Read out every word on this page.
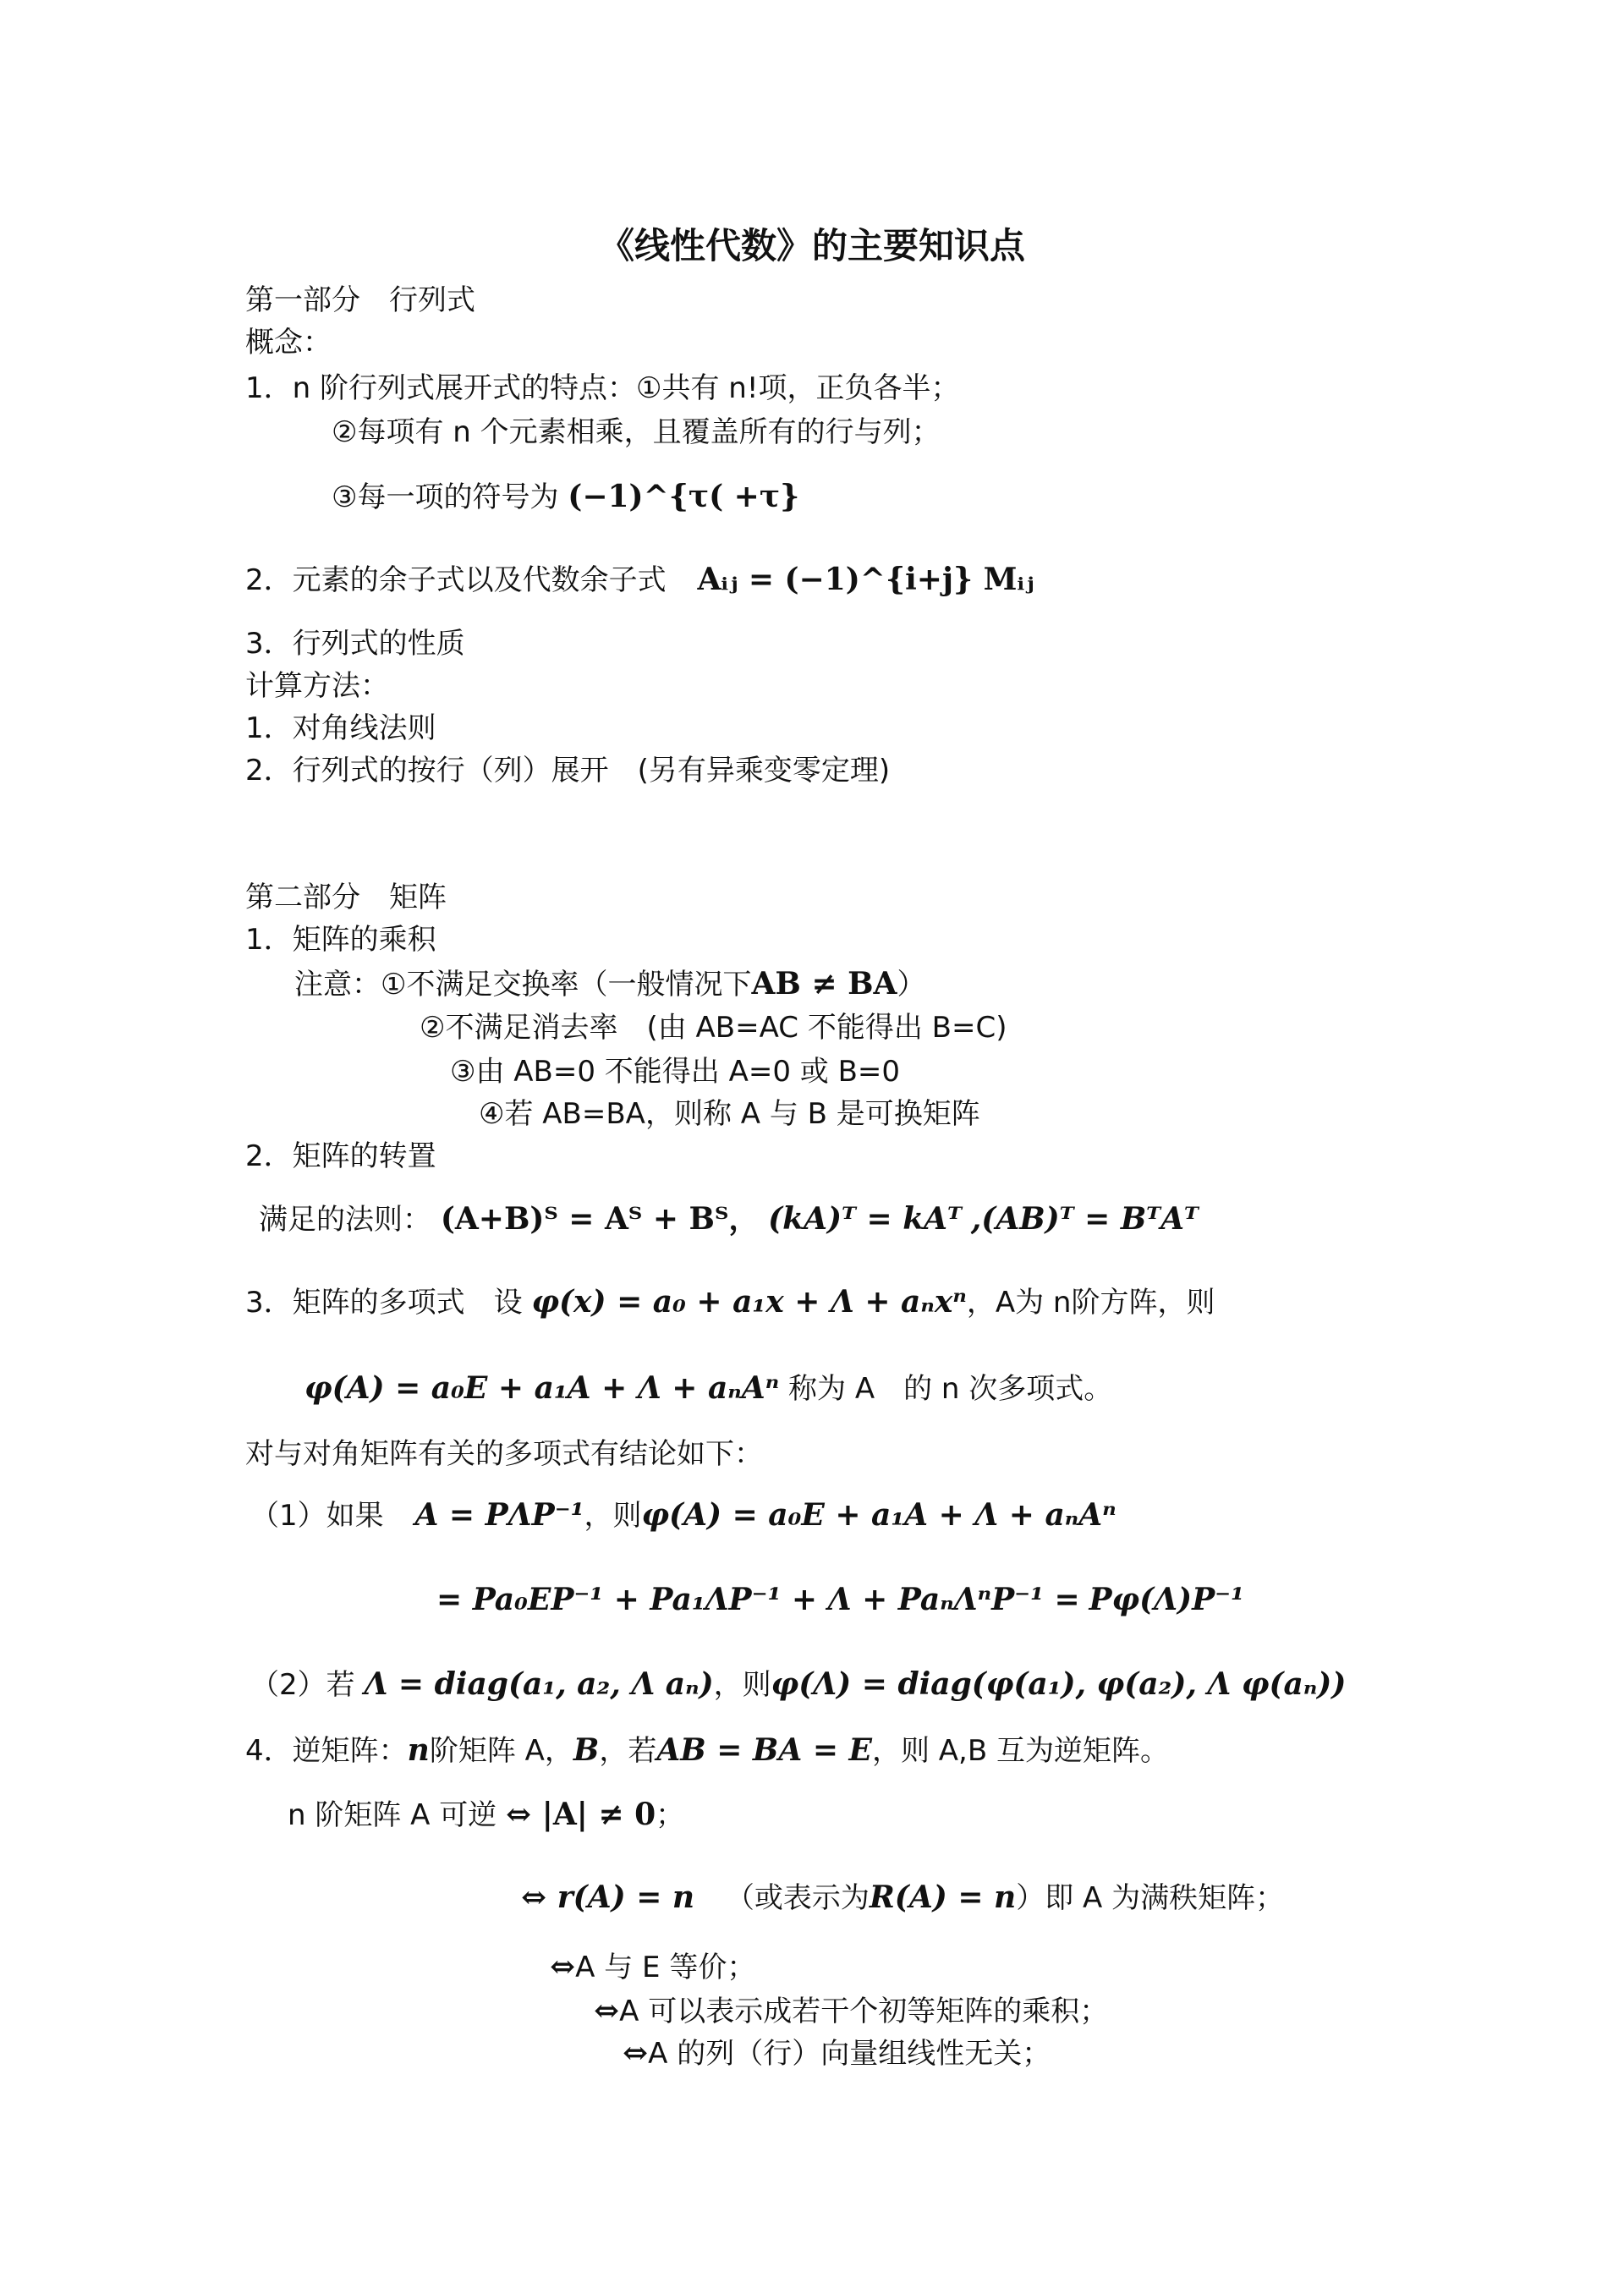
《线性代数》的主要知识点
第一部分　行列式
概念：
1．n 阶行列式展开式的特点：①共有 n!项，正负各半；
②每项有 n 个元素相乘，且覆盖所有的行与列；
③每一项的符号为 (−1)^{τ( +τ}
2．元素的余子式以及代数余子式 Aᵢⱼ = (−1)^{i+j} Mᵢⱼ
3．行列式的性质
计算方法：
1．对角线法则
2．行列式的按行（列）展开　(另有异乘变零定理)
第二部分　矩阵
1．矩阵的乘积
注意：①不满足交换率（一般情况下AB ≠ BA）
②不满足消去率　(由 AB=AC 不能得出 B=C)
③由 AB=0 不能得出 A=0 或 B=0
④若 AB=BA，则称 A 与 B 是可换矩阵
2．矩阵的转置
满足的法则： (A+B)ᵀ = Aᵀ + Bᵀ， (kA)ᵀ = kAᵀ ,(AB)ᵀ = BᵀAᵀ
3．矩阵的多项式　设 φ(x) = a₀ + a₁x + Λ + aₙxⁿ，A为 n阶方阵，则
φ(A) = a₀E + a₁A + Λ + aₙAⁿ 称为 A　的 n 次多项式。
对与对角矩阵有关的多项式有结论如下：
（1）如果 A = PΛP⁻¹，则φ(A) = a₀E + a₁A + Λ + aₙAⁿ
= Pa₀EP⁻¹ + Pa₁ΛP⁻¹ + Λ + PaₙΛⁿP⁻¹ = Pφ(Λ)P⁻¹
（2）若 Λ = diag(a₁, a₂, Λ aₙ)，则φ(Λ) = diag(φ(a₁), φ(a₂), Λ φ(aₙ))
4．逆矩阵：n阶矩阵 A，B，若AB = BA = E，则 A,B 互为逆矩阵。
n 阶矩阵 A 可逆 ⇔ |A| ≠ 0；
⇔ r(A) = n （或表示为R(A) = n）即 A 为满秩矩阵；
⇔A 与 E 等价；
⇔A 可以表示成若干个初等矩阵的乘积；
⇔A 的列（行）向量组线性无关；
